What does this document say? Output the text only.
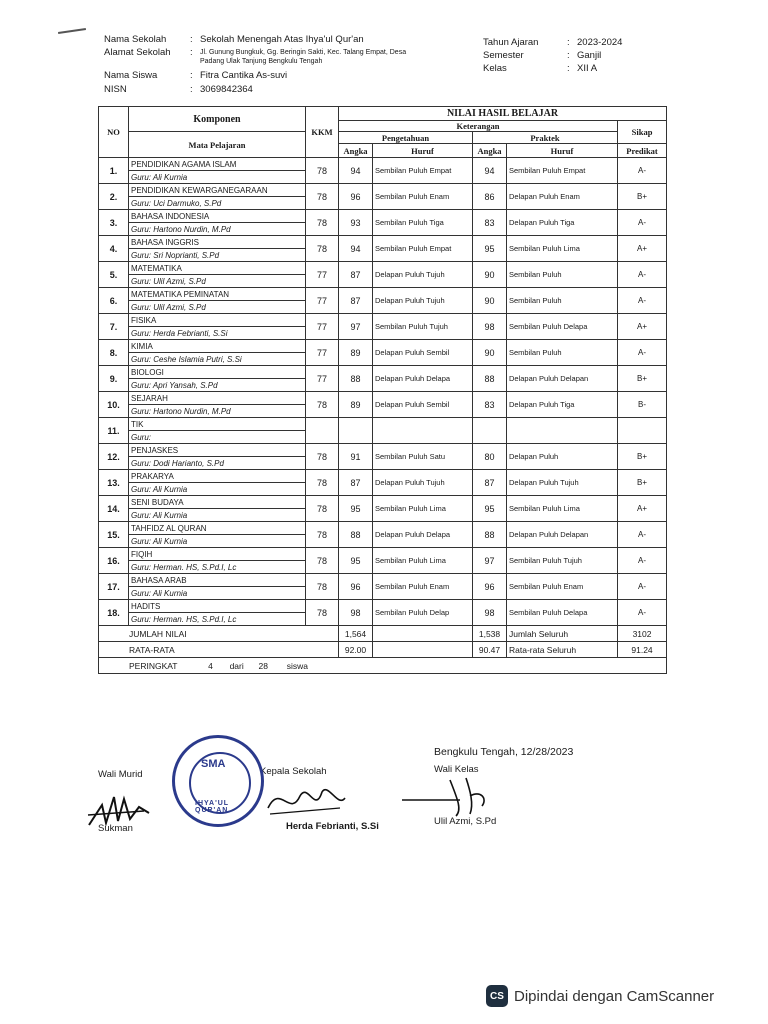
Nama Sekolah : Sekolah Menengah Atas Ihya'ul Qur'an
Alamat Sekolah : Jl. Gunung Bungkuk, Gg. Beringin Sakti, Kec. Talang Empat, Desa
Padang Ulak Tanjung Bengkulu Tengah
Nama Siswa	: Fitra Cantika As-suvi
NISN	: 3069842364
Tahun Ajaran	: 2023-2024
Semester	: Ganjil
Kelas	: XII A
NO	Komponen	KKM	NILAI HASIL BELAJAR				
			Keterangan				Sikap
	Mata Pelajaran		Pengetahuan		Praktek		
			Angka	Huruf	Angka	Huruf	Predikat
1.	PENDIDIKAN AGAMA ISLAM	78	94	Sembilan Puluh Empat	94	Sembilan Puluh Empat	A-
	Guru: Ali Kurnia						
2.	PENDIDIKAN KEWARGANEGARAAN	78	96	Sembilan Puluh Enam	86	Delapan Puluh Enam	B+
	Guru: Uci Darmuko, S.Pd						
3.	BAHASA INDONESIA	78	93	Sembilan Puluh Tiga	83	Delapan Puluh Tiga	A-
	Guru: Hartono Nurdin, M.Pd						
4.	BAHASA INGGRIS	78	94	Sembilan Puluh Empat	95	Sembilan Puluh Lima	A+
	Guru: Sri Noprianti, S.Pd						
5.	MATEMATIKA	77	87	Delapan Puluh Tujuh	90	Sembilan Puluh	A-
	Guru: Ulil Azmi, S.Pd						
6.	MATEMATIKA PEMINATAN	77	87	Delapan Puluh Tujuh	90	Sembilan Puluh	A-
	Guru: Ulil Azmi, S.Pd						
7.	FISIKA	77	97	Sembilan Puluh Tujuh	98	Sembilan Puluh Delapa	A+
	Guru: Herda Febrianti, S.Si						
8.	KIMIA	77	89	Delapan Puluh Sembil	90	Sembilan Puluh	A-
	Guru: Ceshe Islamia Putri, S.Si						
9.	BIOLOGI	77	88	Delapan Puluh Delapa	88	Delapan Puluh Delapan	B+
	Guru: Apri Yansah, S.Pd						
10.	SEJARAH	78	89	Delapan Puluh Sembil	83	Delapan Puluh Tiga	B-
	Guru: Hartono Nurdin, M.Pd						
11.	TIK						
	Guru:						
12.	PENJASKES	78	91	Sembilan Puluh Satu	80	Delapan Puluh	B+
	Guru: Dodi Harianto, S.Pd						
13.	PRAKARYA	78	87	Delapan Puluh Tujuh	87	Delapan Puluh Tujuh	B+
	Guru: Ali Kurnia						
14.	SENI BUDAYA	78	95	Sembilan Puluh Lima	95	Sembilan Puluh Lima	A+
	Guru: Ali Kurnia						
15.	TAHFIDZ AL QURAN	78	88	Delapan Puluh Delapa	88	Delapan Puluh Delapan	A-
	Guru: Ali Kurnia						
16.	FIQIH	78	95	Sembilan Puluh Lima	97	Sembilan Puluh Tujuh	A-
	Guru: Herman. HS, S.Pd.I, Lc						
17.	BAHASA ARAB	78	96	Sembilan Puluh Enam	96	Sembilan Puluh Enam	A-
	Guru: Ali Kurnia						
18.	HADITS	78	98	Sembilan Puluh Delap	98	Sembilan Puluh Delapa	A-
	Guru: Herman. HS, S.Pd.I, Lc						
JUMLAH NILAI			1,564		1,538	Jumlah Seluruh	3102
RATA-RATA			92.00		90.47	Rata-rata Seluruh	91.24
PERINGKAT 4 dari 28 siswa							
Bengkulu Tengah, 12/28/2023
Wali Murid	Kepala Sekolah	Wali Kelas
SMA
IHYA'UL QUR'AN
Sukman	Herda Febrianti, S.Si	Ulil Azmi, S.Pd
CS Dipindai dengan CamScanner
